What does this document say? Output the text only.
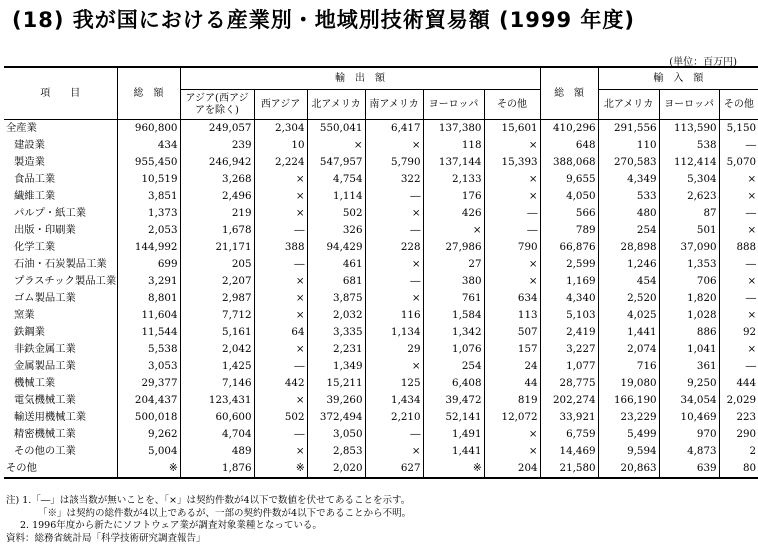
(18) 我が国における産業別・地域別技術貿易額 (1999 年度)
(単位：百万円)
項　　目	総　額	輸　出　額						総　額	輸　入　額		
		アジア(西アジアを除く)	西アジア	北アメリカ	南アメリカ	ヨーロッパ	その他		北アメリカ	ヨーロッパ	その他
全産業	960,800	249,057	2,304	550,041	6,417	137,380	15,601	410,296	291,556	113,590	5,150
建設業	434	239	10	×	×	118	×	648	110	538	―
製造業	955,450	246,942	2,224	547,957	5,790	137,144	15,393	388,068	270,583	112,414	5,070
食品工業	10,519	3,268	×	4,754	322	2,133	×	9,655	4,349	5,304	×
繊維工業	3,851	2,496	×	1,114	―	176	×	4,050	533	2,623	×
パルプ・紙工業	1,373	219	×	502	×	426	―	566	480	87	―
出版・印刷業	2,053	1,678	―	326	―	×	―	789	254	501	×
化学工業	144,992	21,171	388	94,429	228	27,986	790	66,876	28,898	37,090	888
石油・石炭製品工業	699	205	―	461	×	27	×	2,599	1,246	1,353	―
プラスチック製品工業	3,291	2,207	×	681	―	380	×	1,169	454	706	×
ゴム製品工業	8,801	2,987	×	3,875	×	761	634	4,340	2,520	1,820	―
窯業	11,604	7,712	×	2,032	116	1,584	113	5,103	4,025	1,028	×
鉄鋼業	11,544	5,161	64	3,335	1,134	1,342	507	2,419	1,441	886	92
非鉄金属工業	5,538	2,042	×	2,231	29	1,076	157	3,227	2,074	1,041	×
金属製品工業	3,053	1,425	―	1,349	×	254	24	1,077	716	361	―
機械工業	29,377	7,146	442	15,211	125	6,408	44	28,775	19,080	9,250	444
電気機械工業	204,437	123,431	×	39,260	1,434	39,472	819	202,274	166,190	34,054	2,029
輸送用機械工業	500,018	60,600	502	372,494	2,210	52,141	12,072	33,921	23,229	10,469	223
精密機械工業	9,262	4,704	―	3,050	―	1,491	×	6,759	5,499	970	290
その他の工業	5,004	489	×	2,853	×	1,441	×	14,469	9,594	4,873	2
その他	※	1,876	※	2,020	627	※	204	21,580	20,863	639	80
注) 1.「―」は該当数が無いことを、「×」は契約件数が4以下で数値を伏せてあることを示す。
「※」は契約の総件数が4以上であるが、一部の契約件数が4以下であることから不明。
2. 1996年度から新たにソフトウェア業が調査対象業種となっている。
資料：総務省統計局「科学技術研究調査報告」
